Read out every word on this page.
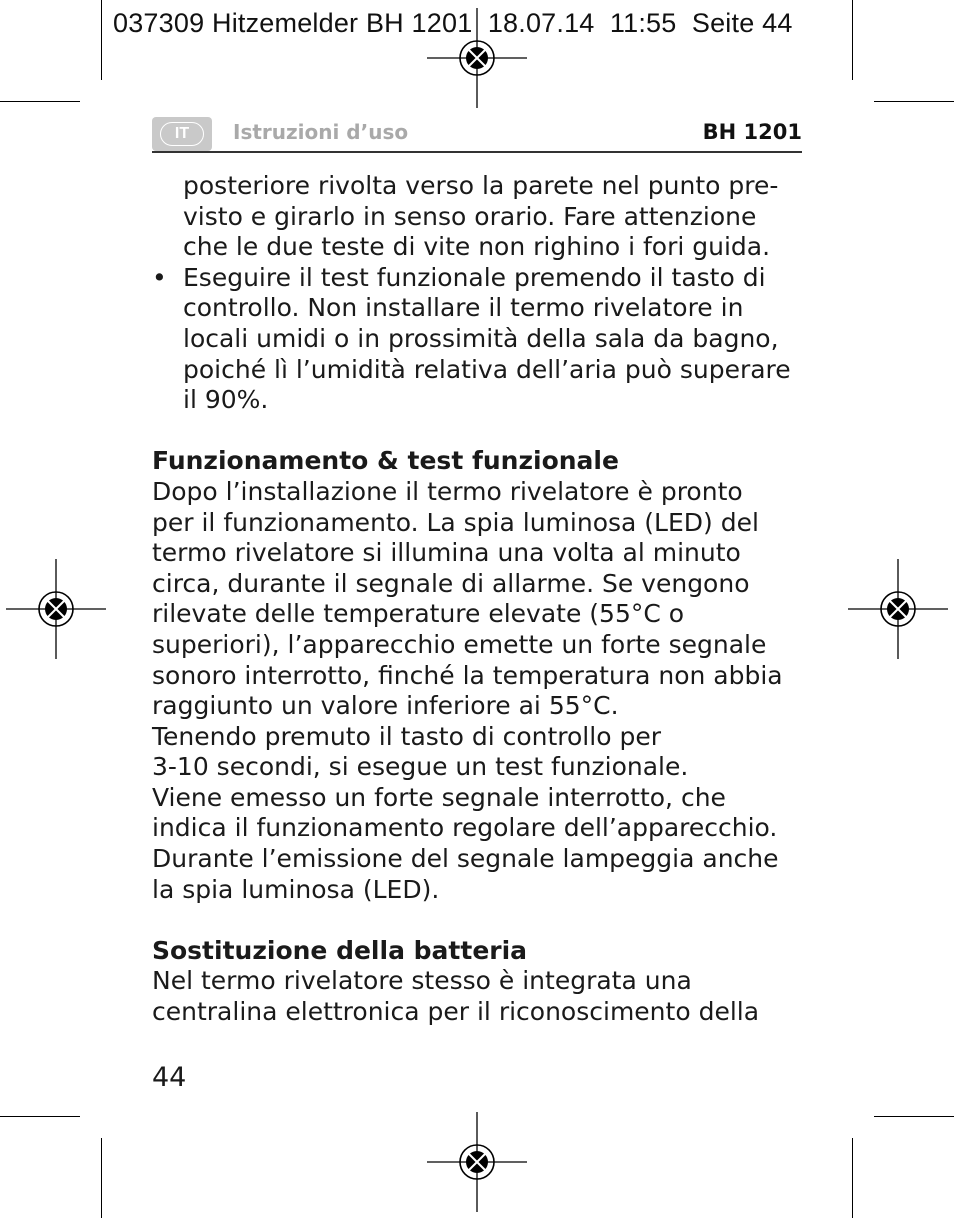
037309 Hitzemelder BH 1201  18.07.14  11:55  Seite 44
IT	Istruzioni d’uso	BH 1201
posteriore rivolta verso la parete nel punto pre-
visto e girarlo in senso orario. Fare attenzione
che le due teste di vite non righino i fori guida.
• Eseguire il test funzionale premendo il tasto di
controllo. Non installare il termo rivelatore in
locali umidi o in prossimità della sala da bagno,
poiché lì l’umidità relativa dell’aria può superare
il 90%.
Funzionamento & test funzionale
Dopo l’installazione il termo rivelatore è pronto
per il funzionamento. La spia luminosa (LED) del
termo rivelatore si illumina una volta al minuto
circa, durante il segnale di allarme. Se vengono
rilevate delle temperature elevate (55°C o
superiori), l’apparecchio emette un forte segnale
sonoro interrotto, finché la temperatura non abbia
raggiunto un valore inferiore ai 55°C.
Tenendo premuto il tasto di controllo per
3-10 secondi, si esegue un test funzionale.
Viene emesso un forte segnale interrotto, che
indica il funzionamento regolare dell’apparecchio.
Durante l’emissione del segnale lampeggia anche
la spia luminosa (LED).
Sostituzione della batteria
Nel termo rivelatore stesso è integrata una
centralina elettronica per il riconoscimento della
44
